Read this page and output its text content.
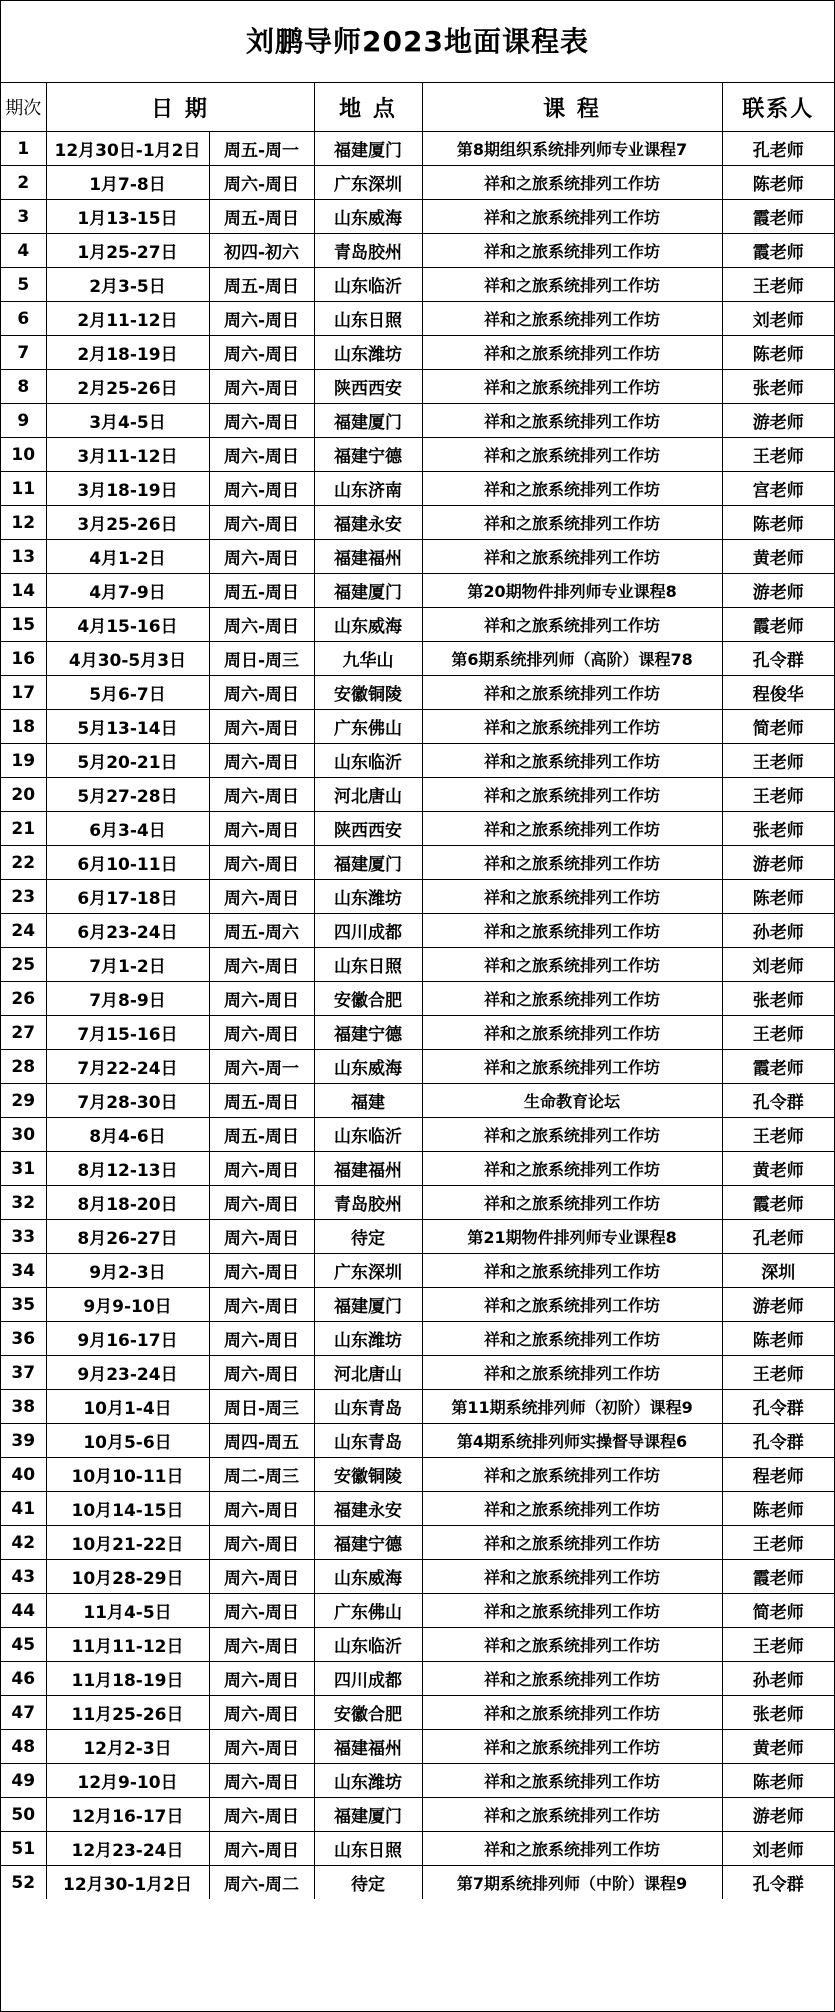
刘鹏导师2023地面课程表
期次	日 期		地 点	课 程	联系人
1	12月30日-1月2日	周五-周一	福建厦门	第8期组织系统排列师专业课程7	孔老师
2	1月7-8日	周六-周日	广东深圳	祥和之旅系统排列工作坊	陈老师
3	1月13-15日	周五-周日	山东威海	祥和之旅系统排列工作坊	霞老师
4	1月25-27日	初四-初六	青岛胶州	祥和之旅系统排列工作坊	霞老师
5	2月3-5日	周五-周日	山东临沂	祥和之旅系统排列工作坊	王老师
6	2月11-12日	周六-周日	山东日照	祥和之旅系统排列工作坊	刘老师
7	2月18-19日	周六-周日	山东潍坊	祥和之旅系统排列工作坊	陈老师
8	2月25-26日	周六-周日	陕西西安	祥和之旅系统排列工作坊	张老师
9	3月4-5日	周六-周日	福建厦门	祥和之旅系统排列工作坊	游老师
10	3月11-12日	周六-周日	福建宁德	祥和之旅系统排列工作坊	王老师
11	3月18-19日	周六-周日	山东济南	祥和之旅系统排列工作坊	宫老师
12	3月25-26日	周六-周日	福建永安	祥和之旅系统排列工作坊	陈老师
13	4月1-2日	周六-周日	福建福州	祥和之旅系统排列工作坊	黄老师
14	4月7-9日	周五-周日	福建厦门	第20期物件排列师专业课程8	游老师
15	4月15-16日	周六-周日	山东威海	祥和之旅系统排列工作坊	霞老师
16	4月30-5月3日	周日-周三	九华山	第6期系统排列师（高阶）课程78	孔令群
17	5月6-7日	周六-周日	安徽铜陵	祥和之旅系统排列工作坊	程俊华
18	5月13-14日	周六-周日	广东佛山	祥和之旅系统排列工作坊	简老师
19	5月20-21日	周六-周日	山东临沂	祥和之旅系统排列工作坊	王老师
20	5月27-28日	周六-周日	河北唐山	祥和之旅系统排列工作坊	王老师
21	6月3-4日	周六-周日	陕西西安	祥和之旅系统排列工作坊	张老师
22	6月10-11日	周六-周日	福建厦门	祥和之旅系统排列工作坊	游老师
23	6月17-18日	周六-周日	山东潍坊	祥和之旅系统排列工作坊	陈老师
24	6月23-24日	周五-周六	四川成都	祥和之旅系统排列工作坊	孙老师
25	7月1-2日	周六-周日	山东日照	祥和之旅系统排列工作坊	刘老师
26	7月8-9日	周六-周日	安徽合肥	祥和之旅系统排列工作坊	张老师
27	7月15-16日	周六-周日	福建宁德	祥和之旅系统排列工作坊	王老师
28	7月22-24日	周六-周一	山东威海	祥和之旅系统排列工作坊	霞老师
29	7月28-30日	周五-周日	福建	生命教育论坛	孔令群
30	8月4-6日	周五-周日	山东临沂	祥和之旅系统排列工作坊	王老师
31	8月12-13日	周六-周日	福建福州	祥和之旅系统排列工作坊	黄老师
32	8月18-20日	周六-周日	青岛胶州	祥和之旅系统排列工作坊	霞老师
33	8月26-27日	周六-周日	待定	第21期物件排列师专业课程8	孔老师
34	9月2-3日	周六-周日	广东深圳	祥和之旅系统排列工作坊	深圳
35	9月9-10日	周六-周日	福建厦门	祥和之旅系统排列工作坊	游老师
36	9月16-17日	周六-周日	山东潍坊	祥和之旅系统排列工作坊	陈老师
37	9月23-24日	周六-周日	河北唐山	祥和之旅系统排列工作坊	王老师
38	10月1-4日	周日-周三	山东青岛	第11期系统排列师（初阶）课程9	孔令群
39	10月5-6日	周四-周五	山东青岛	第4期系统排列师实操督导课程6	孔令群
40	10月10-11日	周二-周三	安徽铜陵	祥和之旅系统排列工作坊	程老师
41	10月14-15日	周六-周日	福建永安	祥和之旅系统排列工作坊	陈老师
42	10月21-22日	周六-周日	福建宁德	祥和之旅系统排列工作坊	王老师
43	10月28-29日	周六-周日	山东威海	祥和之旅系统排列工作坊	霞老师
44	11月4-5日	周六-周日	广东佛山	祥和之旅系统排列工作坊	简老师
45	11月11-12日	周六-周日	山东临沂	祥和之旅系统排列工作坊	王老师
46	11月18-19日	周六-周日	四川成都	祥和之旅系统排列工作坊	孙老师
47	11月25-26日	周六-周日	安徽合肥	祥和之旅系统排列工作坊	张老师
48	12月2-3日	周六-周日	福建福州	祥和之旅系统排列工作坊	黄老师
49	12月9-10日	周六-周日	山东潍坊	祥和之旅系统排列工作坊	陈老师
50	12月16-17日	周六-周日	福建厦门	祥和之旅系统排列工作坊	游老师
51	12月23-24日	周六-周日	山东日照	祥和之旅系统排列工作坊	刘老师
52	12月30-1月2日	周六-周二	待定	第7期系统排列师（中阶）课程9	孔令群
